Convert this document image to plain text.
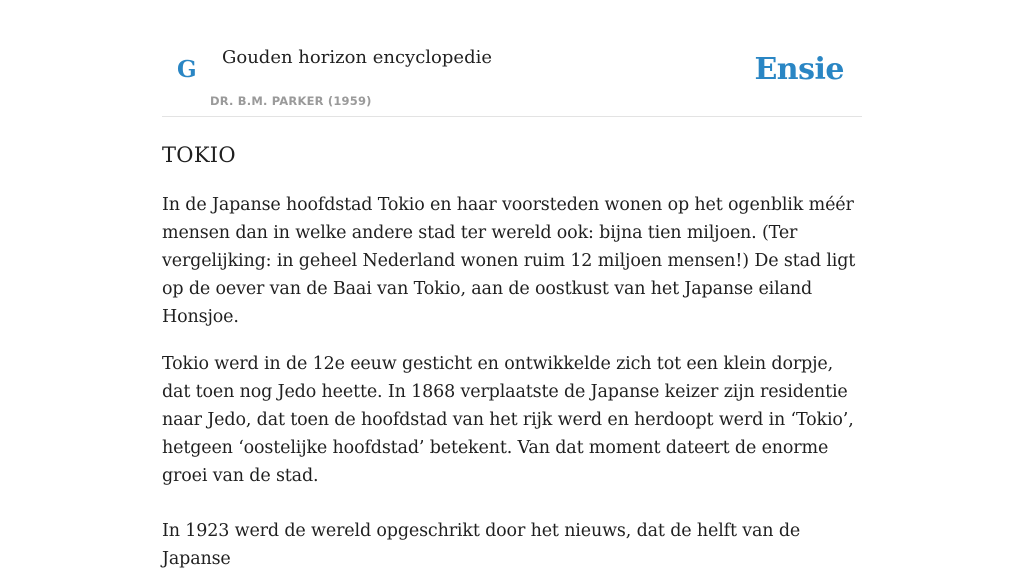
G Gouden horizon encyclopedie
DR. B.M. PARKER (1959)
Ensie
TOKIO

In de Japanse hoofdstad Tokio en haar voorsteden wonen op het ogenblik méér mensen dan in welke andere stad ter wereld ook: bijna tien miljoen. (Ter vergelijking: in geheel Nederland wonen ruim 12 miljoen mensen!) De stad ligt op de oever van de Baai van Tokio, aan de oostkust van het Japanse eiland Honsjoe.

Tokio werd in de 12e eeuw gesticht en ontwikkelde zich tot een klein dorpje, dat toen nog Jedo heette. In 1868 verplaatste de Japanse keizer zijn residentie naar Jedo, dat toen de hoofdstad van het rijk werd en herdoopt werd in ‘Tokio’, hetgeen ‘oostelijke hoofdstad’ betekent. Van dat moment dateert de enorme groei van de stad.

In 1923 werd de wereld opgeschrikt door het nieuws, dat de helft van de Japanse
